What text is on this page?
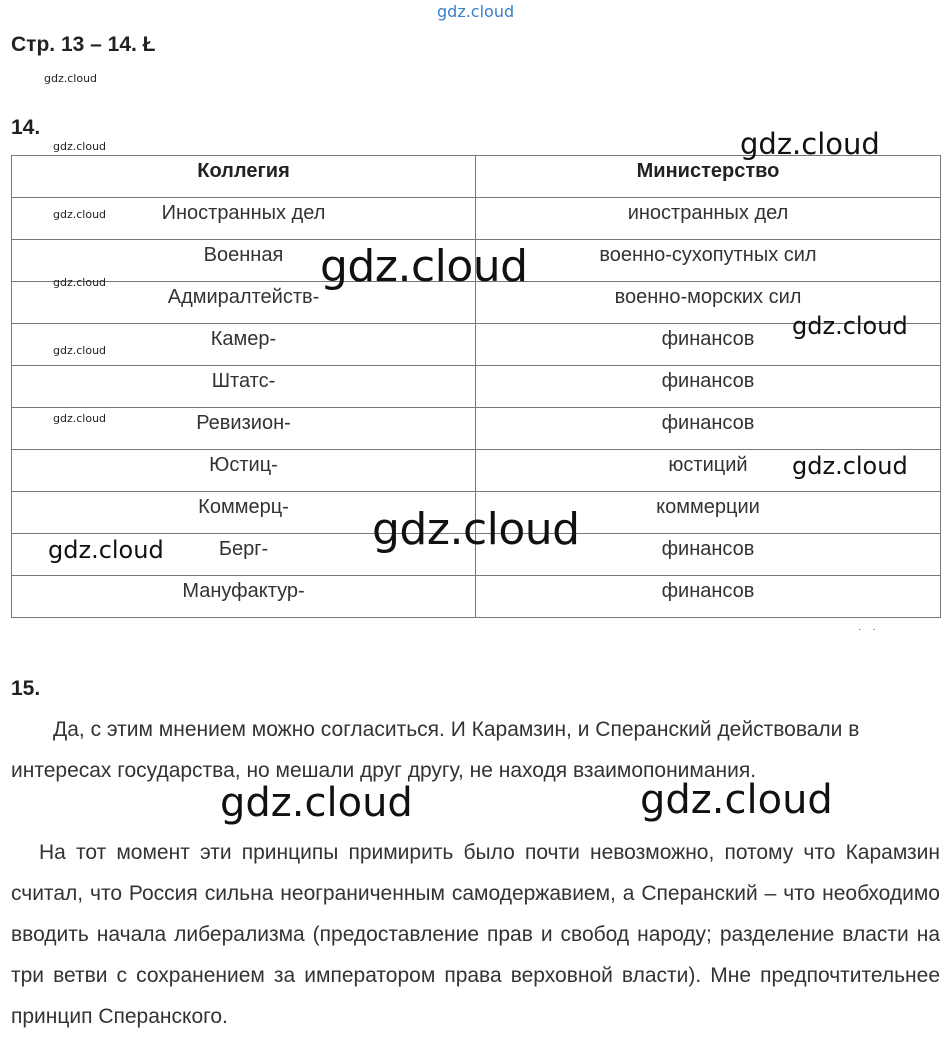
gdz.cloud
Стр. 13 – 14. Ł
gdz.cloud
14.
Коллегия	Министерство

Иностранных дел	иностранных дел

Военная	военно-сухопутных сил

Адмиралтейств-	военно-морских сил

Камер-	финансов

Штатс-	финансов

Ревизион-	финансов

Юстиц-	юстиций

Коммерц-	коммерции

Берг-	финансов

Мануфактур-	финансов
gdz.cloud
gdz.cloud
gdz.cloud
gdz.cloud
gdz.cloud
gdz.cloud
gdz.cloud
gdz.cloud
gdz.cloud
gdz.cloud
gdz.cloud
·    ·
15.
Да, с этим мнением можно согласиться. И Карамзин, и Сперанский действовали в интересах государства, но мешали друг другу, не находя взаимопонимания.
gdz.cloud	gdz.cloud
На тот момент эти принципы примирить было почти невозможно, потому что Карамзин считал, что Россия сильна неограниченным самодержавием, а Сперанский – что необходимо вводить начала либерализма (предоставление прав и свобод народу; разделение власти на три ветви с сохранением за императором права верховной власти). Мне предпочтительнее принцип Сперанского.
